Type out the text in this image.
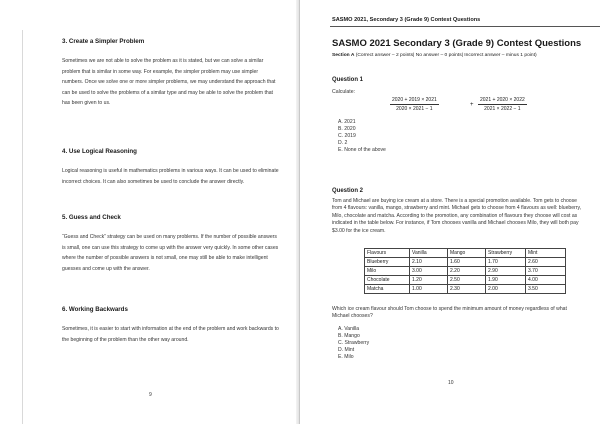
3. Create a Simpler Problem
Sometimes we are not able to solve the problem as it is stated, but we can solve a similar problem that is similar in some way. For example, the simpler problem may use simpler numbers. Once we solve one or more simpler problems, we may understand the approach that can be used to solve the problems of a similar type and may be able to solve the problem that has been given to us.
4. Use Logical Reasoning
Logical reasoning is useful in mathematics problems in various ways. It can be used to eliminate incorrect choices. It can also sometimes be used to conclude the answer directly.
5. Guess and Check
“Guess and Check” strategy can be used on many problems. If the number of possible answers is small, one can use this strategy to come up with the answer very quickly. In some other cases where the number of possible answers is not small, one may still be able to make intelligent guesses and come up with the answer.
6. Working Backwards
Sometimes, it is easier to start with information at the end of the problem and work backwards to the beginning of the problem than the other way around.
9
SASMO 2021, Secondary 3 (Grade 9) Contest Questions
SASMO 2021 Secondary 3 (Grade 9) Contest Questions
Section A (Correct answer – 2 points| No answer – 0 points| Incorrect answer – minus 1 point)
Question 1
Calculate:
$\frac{2020 + 2019 \times 2021}{2020 \times 2021 - 1}$	+ $\frac{2021 + 2020 \times 2022}{2021 \times 2022 - 1}$
A. 2021
B. 2020
C. 2019
D. 2
E. None of the above
Question 2
Tom and Michael are buying ice cream at a store. There is a special promotion available. Tom gets to choose from 4 flavours: vanilla, mango, strawberry and mint. Michael gets to choose from 4 flavours as well: blueberry, Milo, chocolate and matcha. According to the promotion, any combination of flavours they choose will cost as indicated in the table below. For instance, if Tom chooses vanilla and Michael chooses Milo, they will both pay $3.00 for the ice cream.
Flavours	Vanilla	Mango	Strawberry	Mint
Blueberry	2.10	1.60	1.70	2.60
Milo	3.00	2.20	2.90	3.70
Chocolate	1.20	2.50	1.90	4.00
Matcha	1.00	2.30	2.00	3.50
Which ice cream flavour should Tom choose to spend the minimum amount of money regardless of what Michael chooses?
A. Vanilla
B. Mango
C. Strawberry
D. Mint
E. Milo
10
